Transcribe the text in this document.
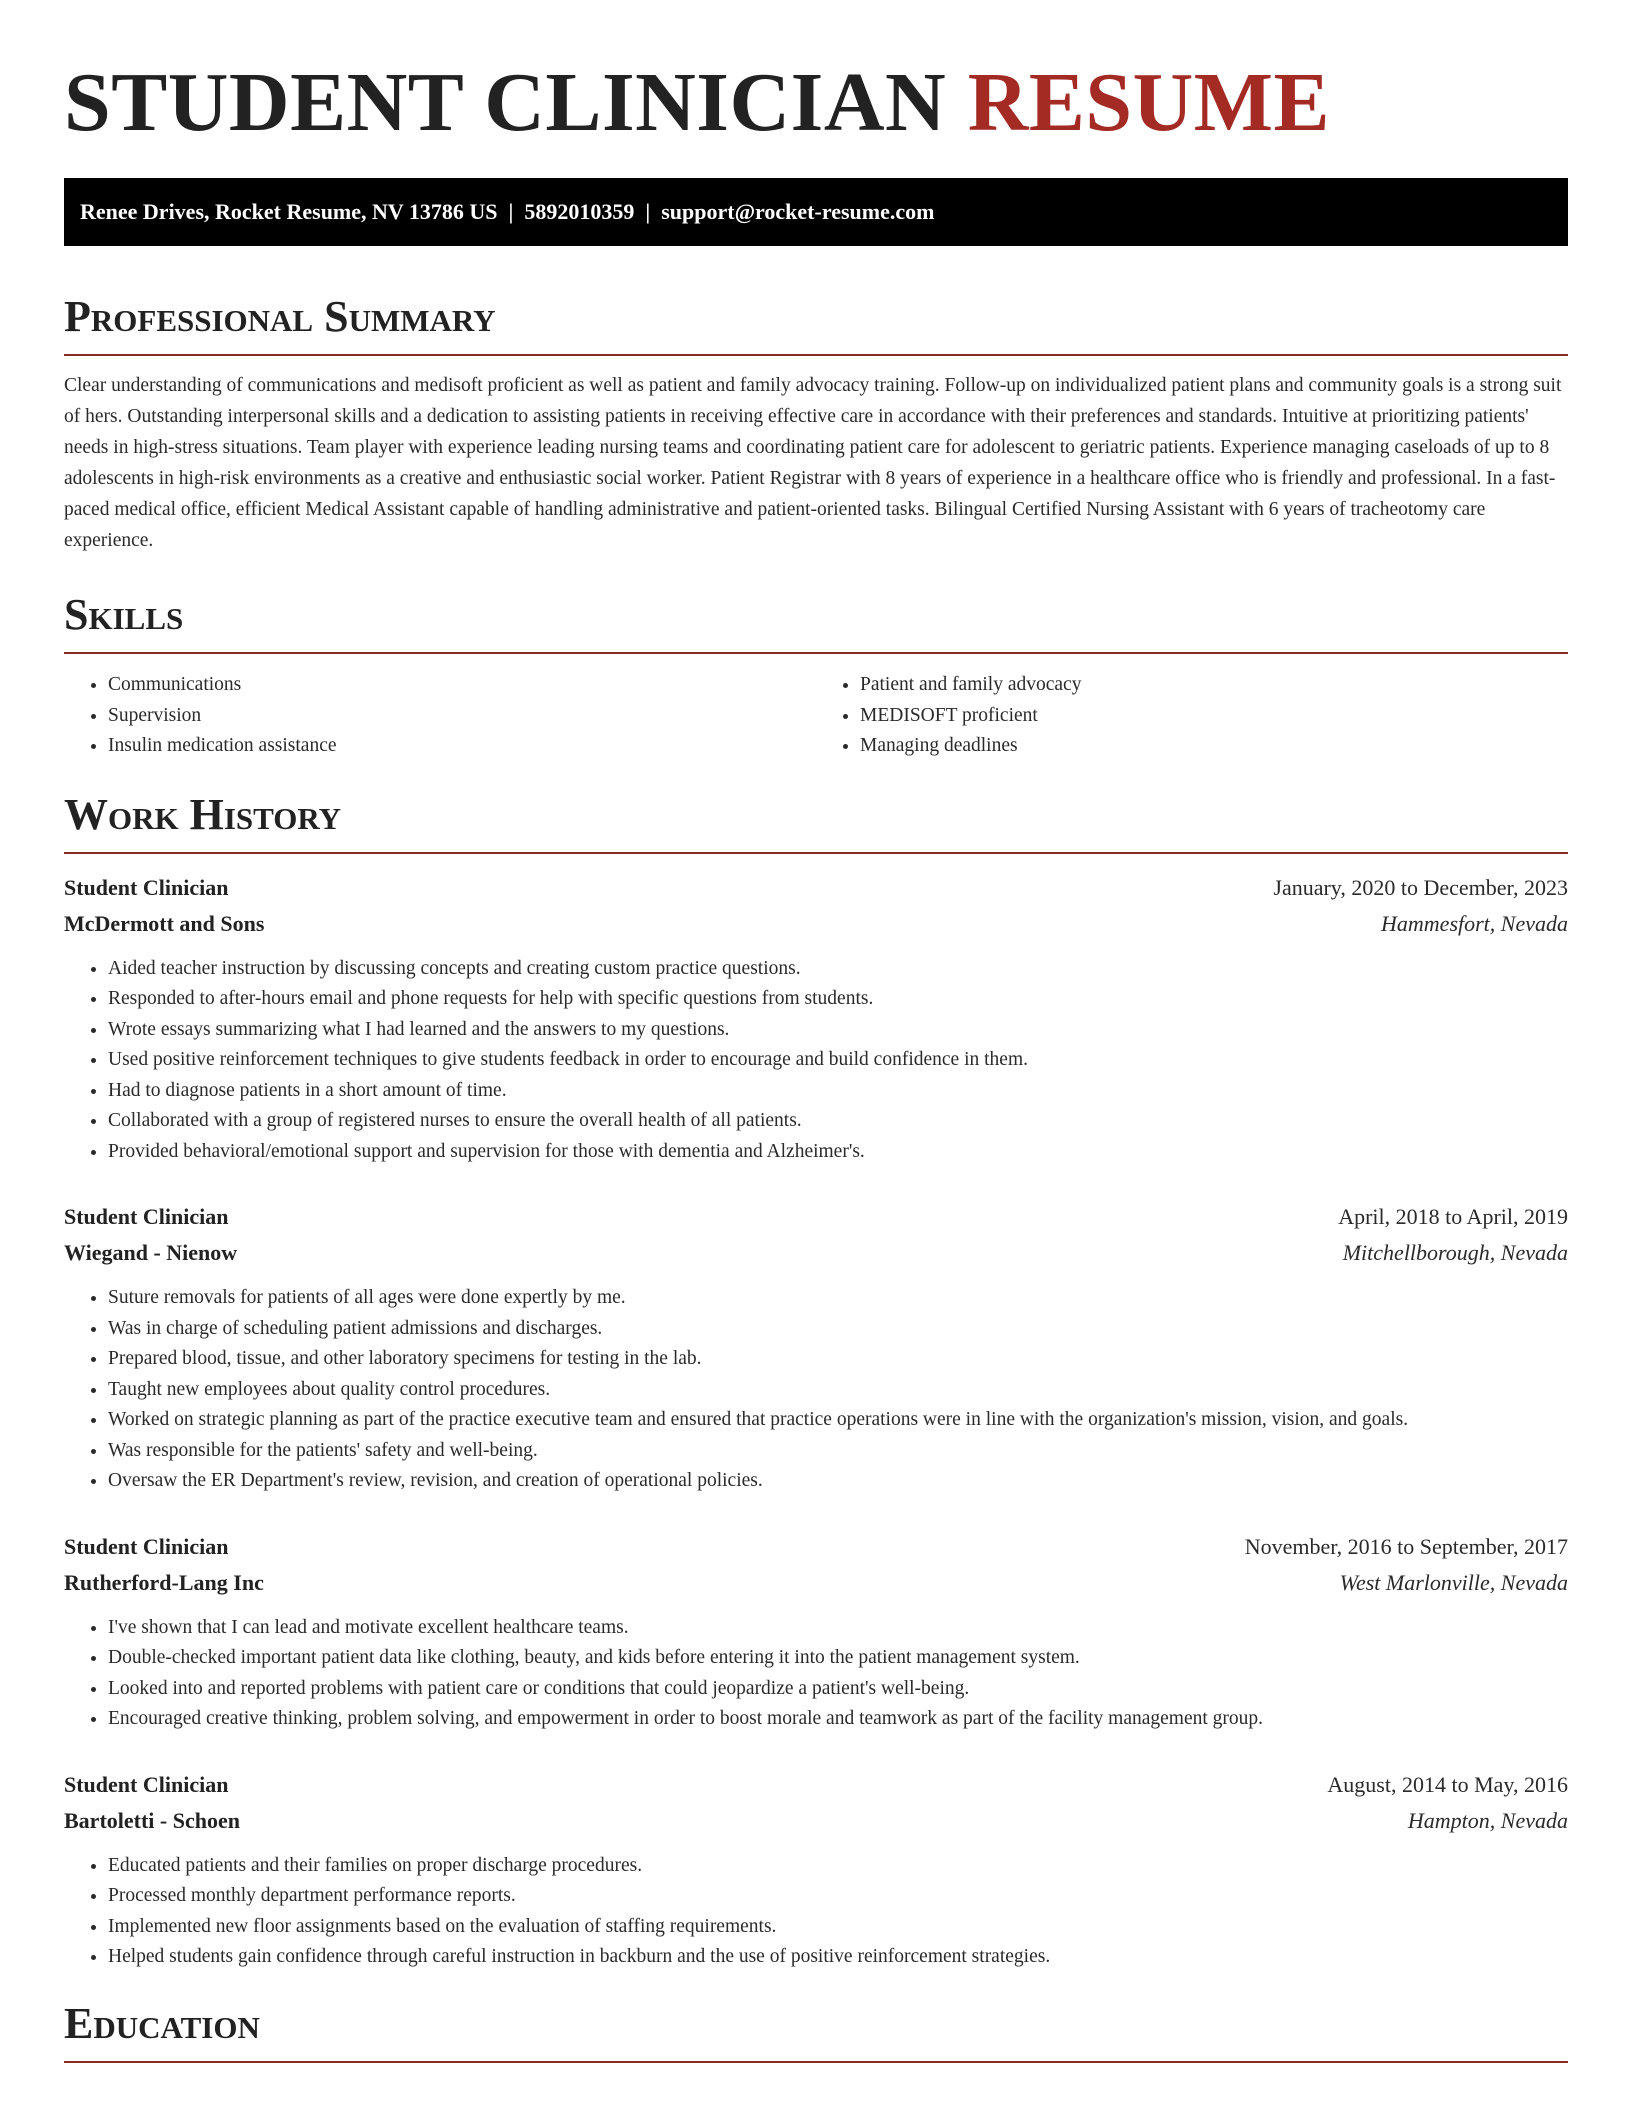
STUDENT CLINICIAN RESUME
Renee Drives, Rocket Resume, NV 13786 US  |  5892010359  |  support@rocket-resume.com
Professional Summary

Clear understanding of communications and medisoft proficient as well as patient and family advocacy training. Follow-up on individualized patient plans and community goals is a strong suit of hers. Outstanding interpersonal skills and a dedication to assisting patients in receiving effective care in accordance with their preferences and standards. Intuitive at prioritizing patients' needs in high-stress situations. Team player with experience leading nursing teams and coordinating patient care for adolescent to geriatric patients. Experience managing caseloads of up to 8 adolescents in high-risk environments as a creative and enthusiastic social worker. Patient Registrar with 8 years of experience in a healthcare office who is friendly and professional. In a fast-paced medical office, efficient Medical Assistant capable of handling administrative and patient-oriented tasks. Bilingual Certified Nursing Assistant with 6 years of tracheotomy care experience.

Skills
• Communications
• Supervision
• Insulin medication assistance
• Patient and family advocacy
• MEDISOFT proficient
• Managing deadlines
Work History
Student Clinician	January, 2020 to December, 2023
McDermott and Sons	Hammesfort, Nevada
• Aided teacher instruction by discussing concepts and creating custom practice questions.
• Responded to after-hours email and phone requests for help with specific questions from students.
• Wrote essays summarizing what I had learned and the answers to my questions.
• Used positive reinforcement techniques to give students feedback in order to encourage and build confidence in them.
• Had to diagnose patients in a short amount of time.
• Collaborated with a group of registered nurses to ensure the overall health of all patients.
• Provided behavioral/emotional support and supervision for those with dementia and Alzheimer's.
Student Clinician	April, 2018 to April, 2019
Wiegand - Nienow	Mitchellborough, Nevada
• Suture removals for patients of all ages were done expertly by me.
• Was in charge of scheduling patient admissions and discharges.
• Prepared blood, tissue, and other laboratory specimens for testing in the lab.
• Taught new employees about quality control procedures.
• Worked on strategic planning as part of the practice executive team and ensured that practice operations were in line with the organization's mission, vision, and goals.
• Was responsible for the patients' safety and well-being.
• Oversaw the ER Department's review, revision, and creation of operational policies.
Student Clinician	November, 2016 to September, 2017
Rutherford-Lang Inc	West Marlonville, Nevada
• I've shown that I can lead and motivate excellent healthcare teams.
• Double-checked important patient data like clothing, beauty, and kids before entering it into the patient management system.
• Looked into and reported problems with patient care or conditions that could jeopardize a patient's well-being.
• Encouraged creative thinking, problem solving, and empowerment in order to boost morale and teamwork as part of the facility management group.
Student Clinician	August, 2014 to May, 2016
Bartoletti - Schoen	Hampton, Nevada
• Educated patients and their families on proper discharge procedures.
• Processed monthly department performance reports.
• Implemented new floor assignments based on the evaluation of staffing requirements.
• Helped students gain confidence through careful instruction in backburn and the use of positive reinforcement strategies.
Education
